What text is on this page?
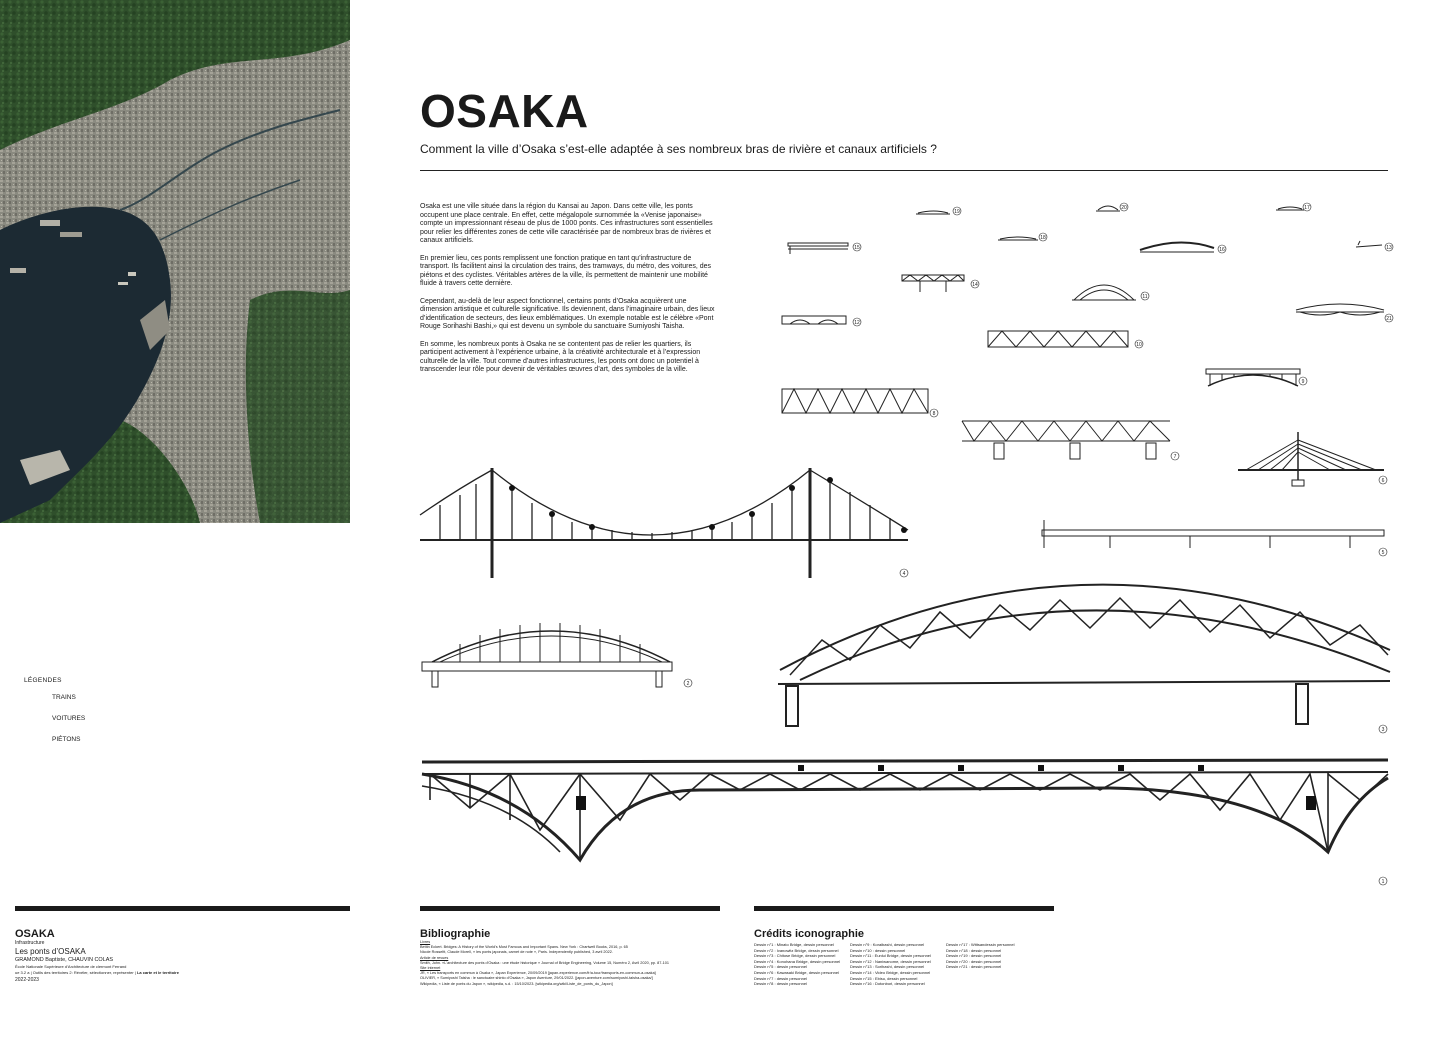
OSAKA

Comment la ville d’Osaka s’est-elle adaptée à ses nombreux bras de rivière et canaux artificiels ?

Osaka est une ville située dans la région du Kansai au Japon. Dans cette ville, les ponts occupent une place centrale. En effet, cette mégalopole surnommée la «Venise japonaise» compte un impressionnant réseau de plus de 1000 ponts. Ces infrastructures sont essentielles pour relier les différentes zones de cette ville caractérisée par de nombreux bras de rivières et canaux artificiels.

En premier lieu, ces ponts remplissent une fonction pratique en tant qu’infrastructure de transport. Ils facilitent ainsi la circulation des trains, des tramways, du métro, des voitures, des piétons et des cyclistes. Véritables artères de la ville, ils permettent de maintenir une mobilité fluide à travers cette dernière.

Cependant, au-delà de leur aspect fonctionnel, certains ponts d’Osaka acquièrent une dimension artistique et culturelle significative. Ils deviennent, dans l’imaginaire urbain, des lieux d’identification de secteurs, des lieux emblématiques. Un exemple notable est le célèbre «Pont Rouge Sorihashi Bashi,» qui est devenu un symbole du sanctuaire Sumiyoshi Taisha.

En somme, les nombreux ponts à Osaka ne se contentent pas de relier les quartiers, ils participent activement à l’expérience urbaine, à la créativité architecturale et à l’expression culturelle de la ville. Tout comme d’autres infrastructures, les ponts ont donc un potentiel à transcender leur rôle pour devenir de véritables œuvres d’art, des symboles de la ville.

LÉGENDES
TRAINS
VOITURES
PIÉTONS
1
2
3
4
5
6
7
8
9
10
11
12
13
14
15	16
17
18
19
20
21
OSAKA

Infrastructure

Les ponts d’OSAKA

GRAMOND Baptiste, CHAUVIN COLAS

École Nationale Supérieure d’Architecture de clermont Ferrand

ue 3.2 a | Outils des territoires 2: Révéler, sélectionner, représenter | La carte et le territoire

2022-2023

Bibliographie
Livres
Bettin Eckert. Bridges: A History of the World's Most Famous and Important Spans. New York : Chartwell Books, 2016, p. 65
Nicole Rosseltt, Claude Morell, « les ponts japonais, carnet de note », Paris. Independently published, 3 avril 2022.
Article de revues
Smith, John. «L'architecture des ponts d'Osaka : une étude historique » Journal of Bridge Engineering, Volume 15, Numéro 2, Avril 2020, pp. 87-101
Site internet
JR, « Les transports en commun à Osaka », Japan Experience, 20/09/2019 [japan-experience.com/fr/a-tour/transports-en-commun-a-osaka]
OLIVIER, « Sumiyoshi Taisha : le sanctuaire shinto d'Osaka », Japon Aventure, 29/01/2022. [japon-aventure.com/sumiyoshi-taisha-osaka/]
Wikipedia, « Liste de ponts du Japon », wikipedia, s.d. : 15/10/2023. [wikipedia.org/wiki/Liste_de_ponts_du_Japon]
Crédits iconographie
Dessin n°1 : Minato Bridge, dessin personnel
Dessin n°2 : Ivanowitz Bridge, dessin personnel
Dessin n°3 : Chitose Bridge, dessin personnel
Dessin n°4 : Konohana Bridge, dessin personnel
Dessin n°5 : dessin personnel
Dessin n°6 : Kawasaki Bridge, dessin personnel
Dessin n°7 : dessin personnel
Dessin n°8 : dessin personnel
Dessin n°9 : Koraibashi, dessin personnel
Dessin n°10 : dessin personnel
Dessin n°11 : Eunlui Bridge, dessin personnel
Dessin n°12 : Naniwanome, dessin personnel
Dessin n°13 : Sorihashi, dessin personnel
Dessin n°14 : Video Bridge, dessin personnel
Dessin n°15 : Ebisu, dessin personnel
Dessin n°16 : Dotonbori, dessin personnel
Dessin n°17 : Wittsandessin personnel
Dessin n°18 : dessin personnel
Dessin n°19 : dessin personnel
Dessin n°20 : dessin personnel
Dessin n°21 : dessin personnel
